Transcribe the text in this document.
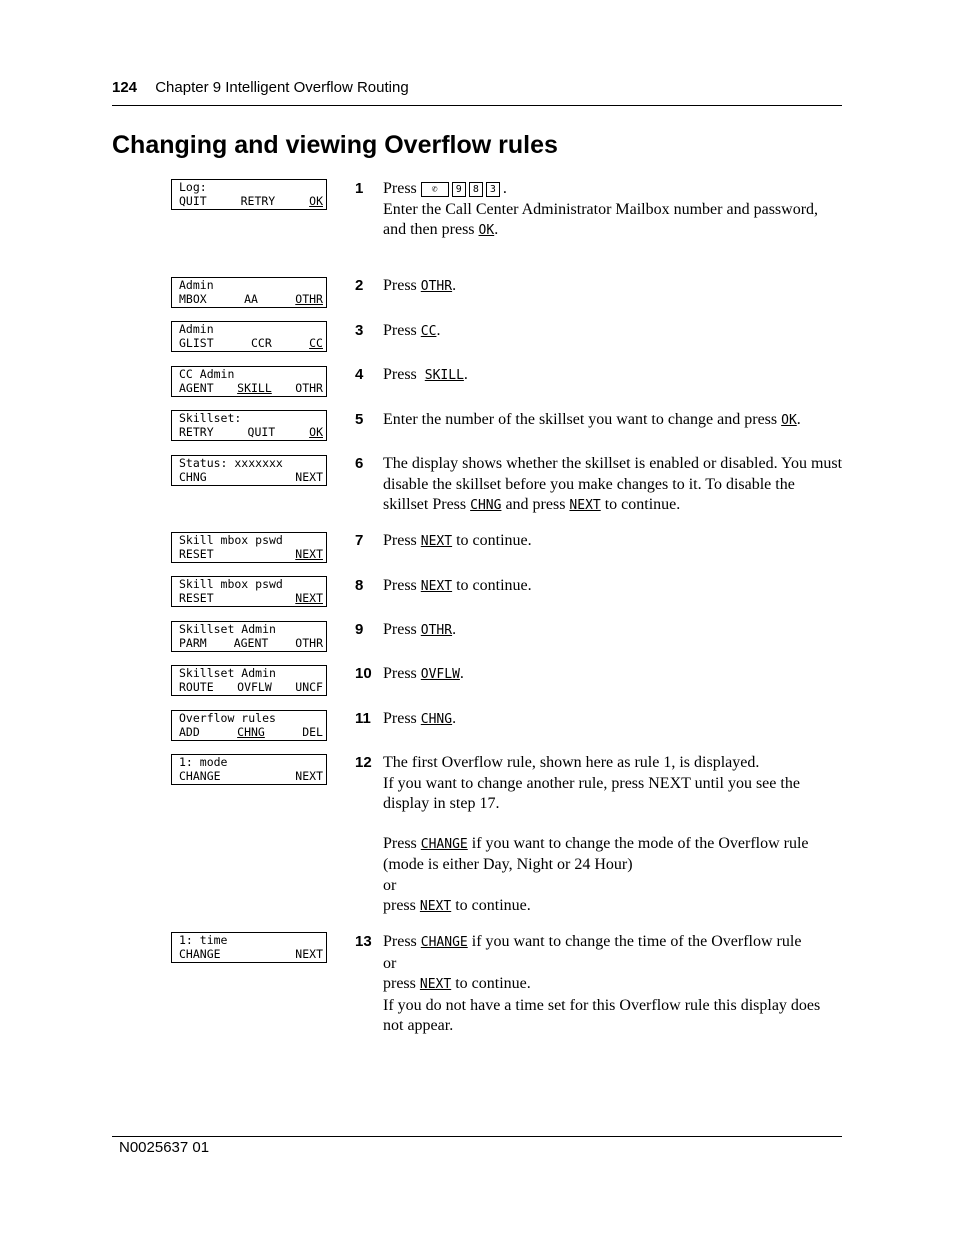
124 Chapter 9 Intelligent Overflow Routing
Changing and viewing Overflow rules
Log:
QUIT	RETRY	OK
Admin
MBOX	AA	OTHR
Admin
GLIST	CCR	CC
CC Admin
AGENT SKILL OTHR
Skillset:
RETRY	QUIT	OK
Status: xxxxxxx
CHNG	NEXT
Skill mbox pswd
RESET	NEXT
Skill mbox pswd
RESET	NEXT
Skillset Admin
PARM AGENT OTHR
Skillset Admin
ROUTE OVFLW UNCF
Overflow rules
ADD	CHNG	DEL
1: mode
CHANGE	NEXT
1: time
CHANGE	NEXT
1 Press ✆ 9 8 3 .
Enter the Call Center Administrator Mailbox number and password,
and then press OK.
2 Press OTHR.
3 Press CC.
4 Press SKILL.
5 Enter the number of the skillset you want to change and press OK.
6 The display shows whether the skillset is enabled or disabled. You must disable the skillset before you make changes to it. To disable the skillset Press CHNG and press NEXT to continue.
7 Press NEXT to continue.
8 Press NEXT to continue.
9 Press OTHR.
10 Press OVFLW.
11 Press CHNG.
12 The first Overflow rule, shown here as rule 1, is displayed.
If you want to change another rule, press NEXT until you see the display in step 17.
Press CHANGE if you want to change the mode of the Overflow rule (mode is either Day, Night or 24 Hour)
or
press NEXT to continue.
13 Press CHANGE if you want to change the time of the Overflow rule
or
press NEXT to continue.
If you do not have a time set for this Overflow rule this display does not appear.
N0025637 01
